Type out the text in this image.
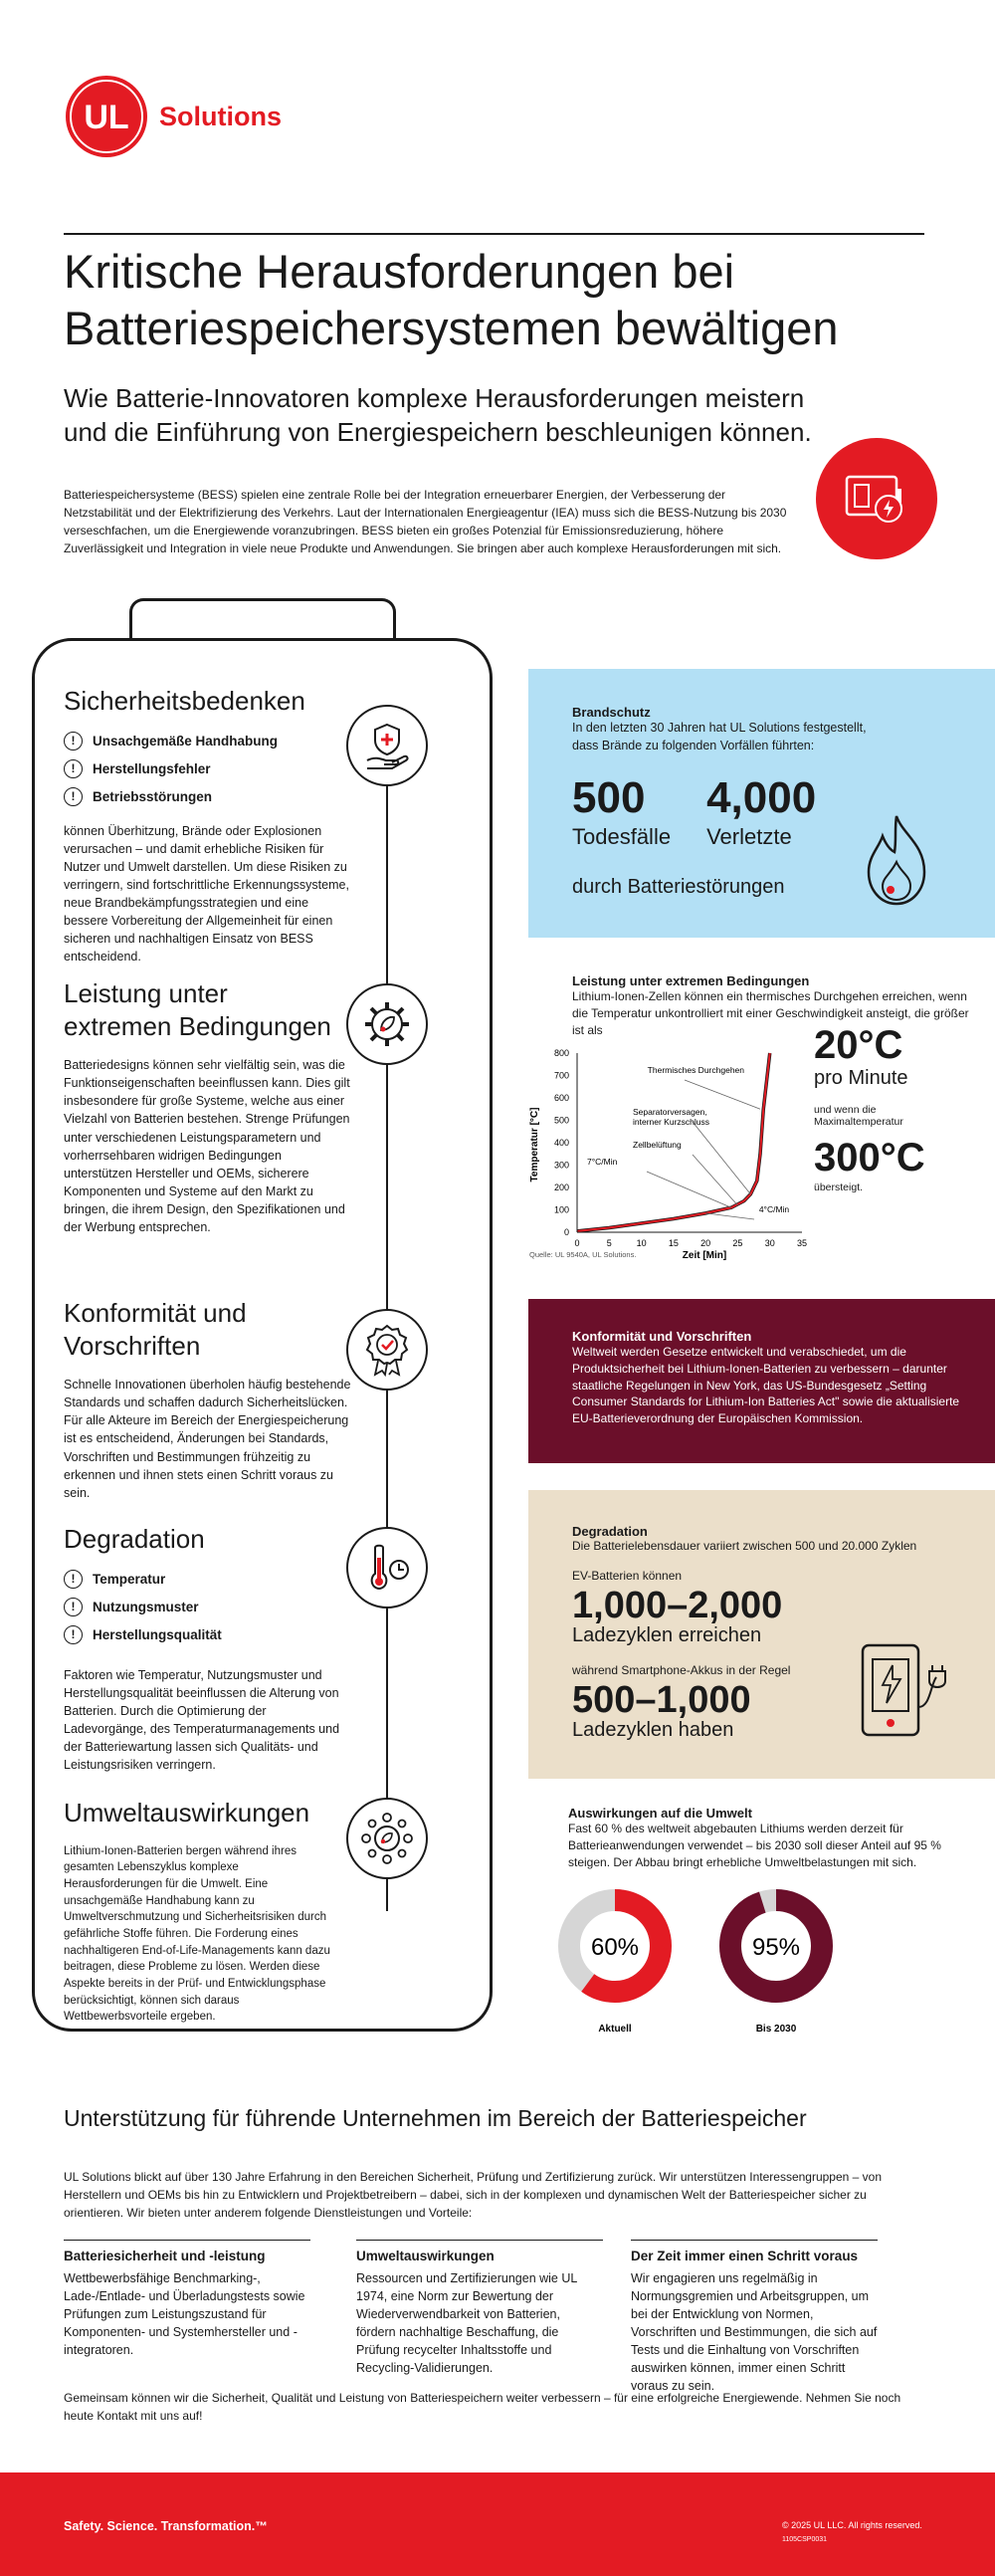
UL Solutions
Kritische Herausforderungen bei
Batteriespeichersystemen bewältigen
Wie Batterie-Innovatoren komplexe Herausforderungen meistern
und die Einführung von Energiespeichern beschleunigen können.

Batteriespeichersysteme (BESS) spielen eine zentrale Rolle bei der Integration erneuerbarer Energien, der Verbesserung der Netzstabilität und der Elektrifizierung des Verkehrs. Laut der Internationalen Energieagentur (IEA) muss sich die BESS-Nutzung bis 2030 verseschfachen, um die Energiewende voranzubringen. BESS bieten ein großes Potenzial für Emissionsreduzierung, höhere Zuverlässigkeit und Integration in viele neue Produkte und Anwendungen. Sie bringen aber auch komplexe Herausforderungen mit sich.

Sicherheitsbedenken
!	Unsachgemäße Handhabung
!	Herstellungsfehler
!	Betriebsstörungen

können Überhitzung, Brände oder Explosionen verursachen – und damit erhebliche Risiken für Nutzer und Umwelt darstellen. Um diese Risiken zu verringern, sind fortschrittliche Erkennungssysteme, neue Brandbekämpfungsstrategien und eine bessere Vorbereitung der Allgemeinheit für einen sicheren und nachhaltigen Einsatz von BESS entscheidend.

Leistung unter
extremen Bedingungen

Batteriedesigns können sehr vielfältig sein, was die Funktionseigenschaften beeinflussen kann. Dies gilt insbesondere für große Systeme, welche aus einer Vielzahl von Batterien bestehen. Strenge Prüfungen unter verschiedenen Leistungsparametern und vorherrsehbaren widrigen Bedingungen unterstützen Hersteller und OEMs, sicherere Komponenten und Systeme auf den Markt zu bringen, die ihrem Design, den Spezifikationen und der Werbung entsprechen.

Konformität und
Vorschriften

Schnelle Innovationen überholen häufig bestehende Standards und schaffen dadurch Sicherheitslücken. Für alle Akteure im Bereich der Energiespeicherung ist es entscheidend, Änderungen bei Standards, Vorschriften und Bestimmungen frühzeitig zu erkennen und ihnen stets einen Schritt voraus zu sein.

Degradation
!	Temperatur
!	Nutzungsmuster
!	Herstellungsqualität

Faktoren wie Temperatur, Nutzungsmuster und Herstellungsqualität beeinflussen die Alterung von Batterien. Durch die Optimierung der Ladevorgänge, des Temperaturmanagements und der Batteriewartung lassen sich Qualitäts- und Leistungsrisiken verringern.

Umweltauswirkungen

Lithium-Ionen-Batterien bergen während ihres gesamten Lebenszyklus komplexe Herausforderungen für die Umwelt. Eine unsachgemäße Handhabung kann zu Umweltverschmutzung und Sicherheitsrisiken durch gefährliche Stoffe führen. Die Forderung eines nachhaltigeren End-of-Life-Managements kann dazu beitragen, diese Probleme zu lösen. Werden diese Aspekte bereits in der Prüf- und Entwicklungsphase berücksichtigt, können sich daraus Wettbewerbsvorteile ergeben.

Brandschutz

In den letzten 30 Jahren hat UL Solutions festgestellt, dass Brände zu folgenden Vorfällen führten:

500
Todesfälle
4,000
Verletzte
durch Batteriestörungen
Leistung unter extremen Bedingungen

Lithium-Ionen-Zellen können ein thermisches Durchgehen erreichen, wenn die Temperatur unkontrolliert mit einer Geschwindigkeit ansteigt, die größer ist als

Thermisches Durchgehen
Separatorversagen,
interner Kurzschluss
Zellbelüftung
7°C/Min
4°C/Min
0
100
200
300
400
500
600
700
800
0	5	10 15 20 25 30 35
Temperatur [°C]
Zeit [Min]
Quelle: UL 9540A, UL Solutions.
20°C
pro Minute
und wenn die
Maximaltemperatur
300°C
übersteigt.
Konformität und Vorschriften

Weltweit werden Gesetze entwickelt und verabschiedet, um die Produktsicherheit bei Lithium-Ionen-Batterien zu verbessern – darunter staatliche Regelungen in New York, das US-Bundesgesetz „Setting Consumer Standards for Lithium-Ion Batteries Act" sowie die aktualisierte EU-Batterieverordnung der Europäischen Kommission.

Degradation
Die Batterielebensdauer variiert zwischen 500 und 20.000 Zyklen
EV-Batterien können
1,000–2,000
Ladezyklen erreichen
während Smartphone-Akkus in der Regel
500–1,000
Ladezyklen haben
Auswirkungen auf die Umwelt

Fast 60 % des weltweit abgebauten Lithiums werden derzeit für Batterieanwendungen verwendet – bis 2030 soll dieser Anteil auf 95 % steigen. Der Abbau bringt erhebliche Umweltbelastungen mit sich.

60%
Aktuell
95%
Bis 2030
Unterstützung für führende Unternehmen im Bereich der Batteriespeicher

UL Solutions blickt auf über 130 Jahre Erfahrung in den Bereichen Sicherheit, Prüfung und Zertifizierung zurück. Wir unterstützen Interessengruppen – von Herstellern und OEMs bis hin zu Entwicklern und Projektbetreibern – dabei, sich in der komplexen und dynamischen Welt der Batteriespeicher sicher zu orientieren. Wir bieten unter anderem folgende Dienstleistungen und Vorteile:

Batteriesicherheit und -leistung
Wettbewerbsfähige Benchmarking-, Lade-/Entlade- und Überladungstests sowie Prüfungen zum Leistungszustand für Komponenten- und Systemhersteller und -integratoren.
Umweltauswirkungen
Ressourcen und Zertifizierungen wie UL 1974, eine Norm zur Bewertung der Wiederverwendbarkeit von Batterien, fördern nachhaltige Beschaffung, die Prüfung recycelter Inhaltsstoffe und Recycling-Validierungen.
Der Zeit immer einen Schritt voraus
Wir engagieren uns regelmäßig in Normungsgremien und Arbeitsgruppen, um bei der Entwicklung von Normen, Vorschriften und Bestimmungen, die sich auf Tests und die Einhaltung von Vorschriften auswirken können, immer einen Schritt voraus zu sein.

Gemeinsam können wir die Sicherheit, Qualität und Leistung von Batteriespeichern weiter verbessern – für eine erfolgreiche Energiewende. Nehmen Sie noch heute Kontakt mit uns auf!

Safety. Science. Transformation.™	© 2025 UL LLC. All rights reserved.
1105CSP0031
